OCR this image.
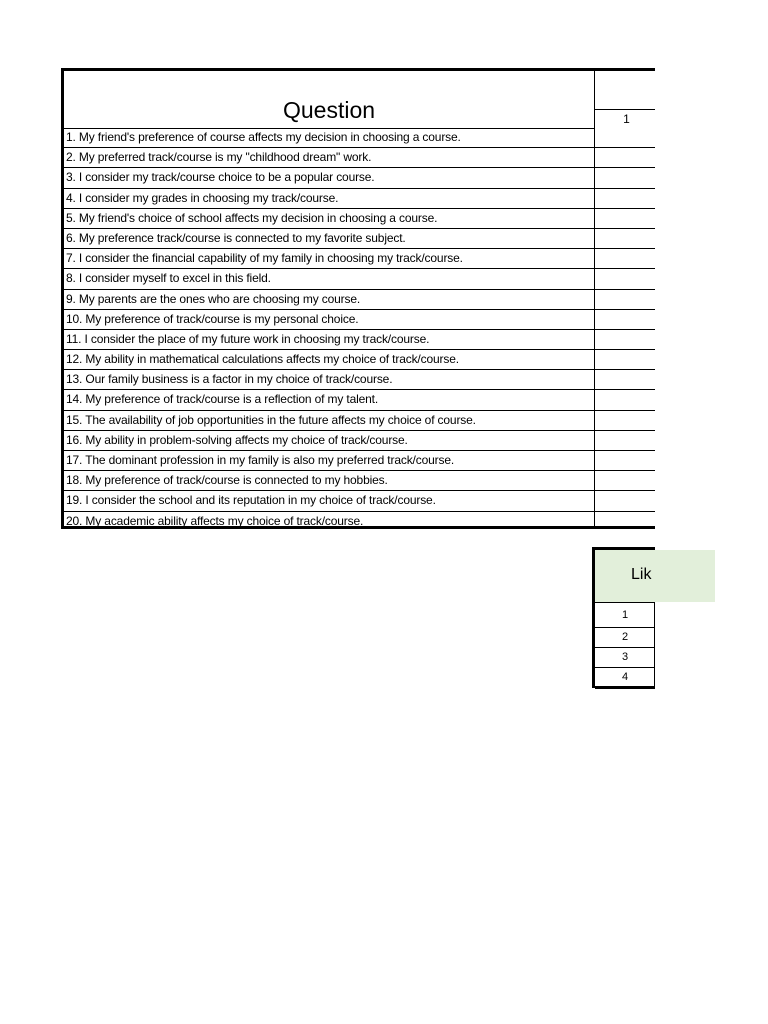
Question	1
1. My friend's preference of course affects my decision in choosing a course.
2. My preferred track/course is my "childhood dream" work.
3. I consider my track/course choice to be a popular course.
4. I consider my grades in choosing my track/course.
5. My friend's choice of school affects my decision in choosing a course.
6. My preference track/course is connected to my favorite subject.
7. I consider the financial capability of my family in choosing my track/course.
8. I consider myself to excel in this field.
9. My parents are the ones who are choosing my course.
10. My preference of track/course is my personal choice.
11. I consider the place of my future work in choosing my track/course.
12. My ability in mathematical calculations affects my choice of track/course.
13. Our family business is a factor in my choice of track/course.
14. My preference of track/course is a reflection of my talent.
15. The availability of job opportunities in the future affects my choice of course.
16. My ability in problem-solving affects my choice of track/course.
17. The dominant profession in my family is also my preferred track/course.
18. My preference of track/course is connected to my hobbies.
19. I consider the school and its reputation in my choice of track/course.
20. My academic ability affects my choice of track/course.
Lik
1
2
3
4
